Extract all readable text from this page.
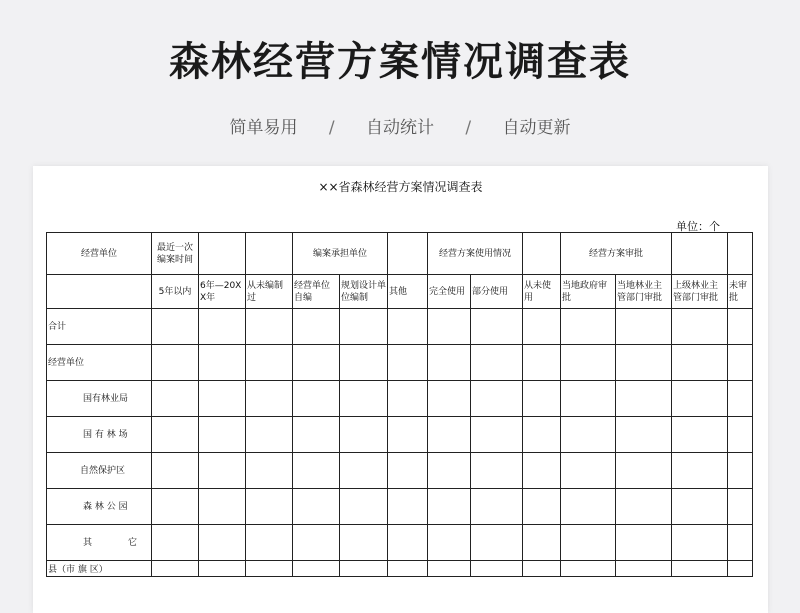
森林经营方案情况调查表
简单易用 / 自动统计 / 自动更新
××省森林经营方案情况调查表
单位：个
经营单位	最近一次编案时间			编案承担单位			经营方案使用情况			经营方案审批			
	5年以内	6年—20XX年	从未编制过	经营单位自编	规划设计单位编制	其他	完全使用	部分使用	从未使用	当地政府审批	当地林业主管部门审批	上级林业主管部门审批	未审批
合计													
经营单位													
国有林业局													
国 有 林 场													
自然保护区													
森 林 公 园													
其 它													
县（市 旗 区）													
